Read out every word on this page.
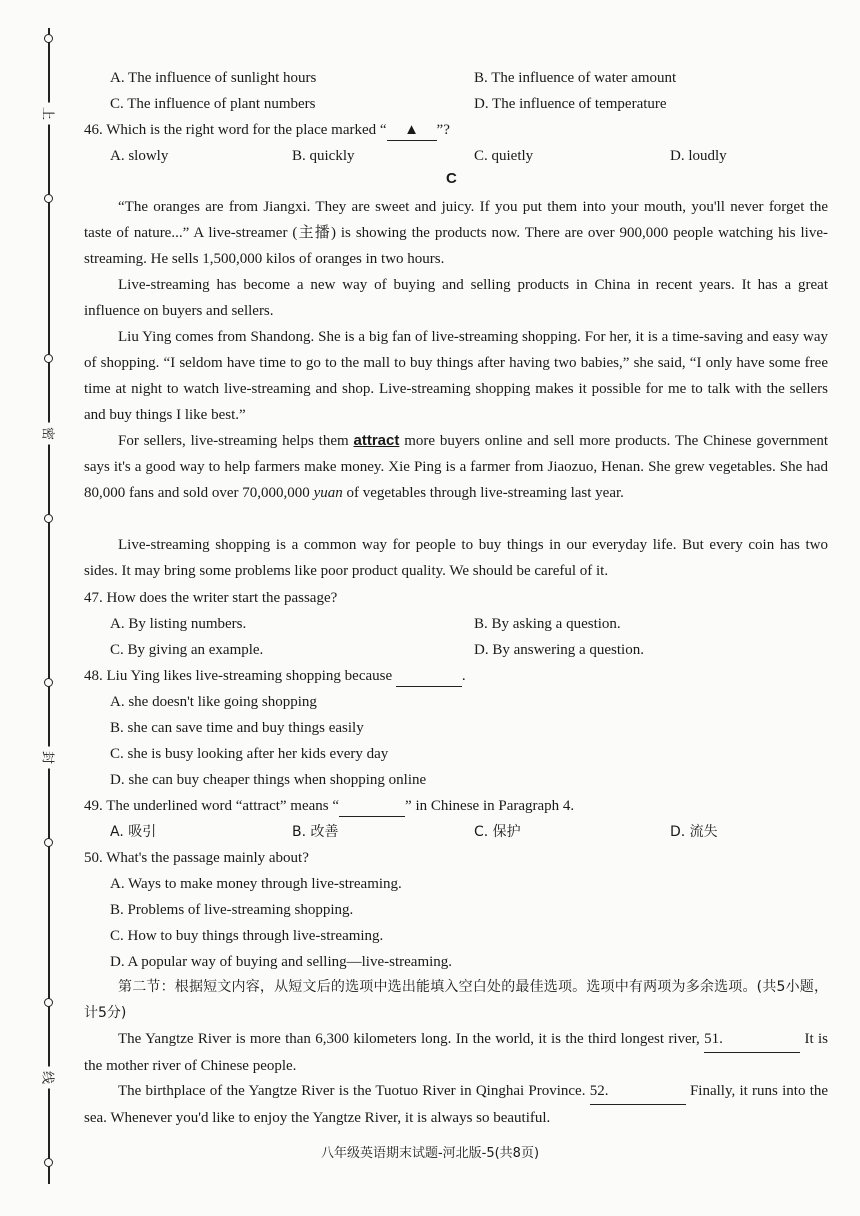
上
密
封
线
A. The influence of sunlight hours	B. The influence of water amount
C. The influence of plant numbers	D. The influence of temperature
46. Which is the right word for the place marked “ ▲ ”?
A. slowly	B. quickly	C. quietly	D. loudly
C
“The oranges are from Jiangxi. They are sweet and juicy. If you put them into your mouth, you'll never forget the taste of nature...” A live-streamer (主播) is showing the products now. There are over 900,000 people watching his live-streaming. He sells 1,500,000 kilos of oranges in two hours.
Live-streaming has become a new way of buying and selling products in China in recent years. It has a great influence on buyers and sellers.
Liu Ying comes from Shandong. She is a big fan of live-streaming shopping. For her, it is a time-saving and easy way of shopping. “I seldom have time to go to the mall to buy things after having two babies,” she said, “I only have some free time at night to watch live-streaming and shop. Live-streaming shopping makes it possible for me to talk with the sellers and buy things I like best.”
For sellers, live-streaming helps them attract more buyers online and sell more products. The Chinese government says it's a good way to help farmers make money. Xie Ping is a farmer from Jiaozuo, Henan. She grew vegetables. She had 80,000 fans and sold over 70,000,000 yuan of vegetables through live-streaming last year.
Live-streaming shopping is a common way for people to buy things in our everyday life. But every coin has two sides. It may bring some problems like poor product quality. We should be careful of it.
47. How does the writer start the passage?
A. By listing numbers.	B. By asking a question.
C. By giving an example.	D. By answering a question.
48. Liu Ying likes live-streaming shopping because	.
A. she doesn't like going shopping
B. she can save time and buy things easily
C. she is busy looking after her kids every day
D. she can buy cheaper things when shopping online
49. The underlined word “attract” means “	” in Chinese in Paragraph 4.
A. 吸引	B. 改善	C. 保护	D. 流失
50. What's the passage mainly about?
A. Ways to make money through live-streaming.
B. Problems of live-streaming shopping.
C. How to buy things through live-streaming.
D. A popular way of buying and selling—live-streaming.
第二节：根据短文内容，从短文后的选项中选出能填入空白处的最佳选项。选项中有两项为多余选项。(共5小题，计5分)
The Yangtze River is more than 6,300 kilometers long. In the world, it is the third longest river, 51.	It is the mother river of Chinese people.
The birthplace of the Yangtze River is the Tuotuo River in Qinghai Province. 52.	Finally, it runs into the sea. Whenever you'd like to enjoy the Yangtze River, it is always so beautiful.
八年级英语期末试题-河北版-5(共8页)
